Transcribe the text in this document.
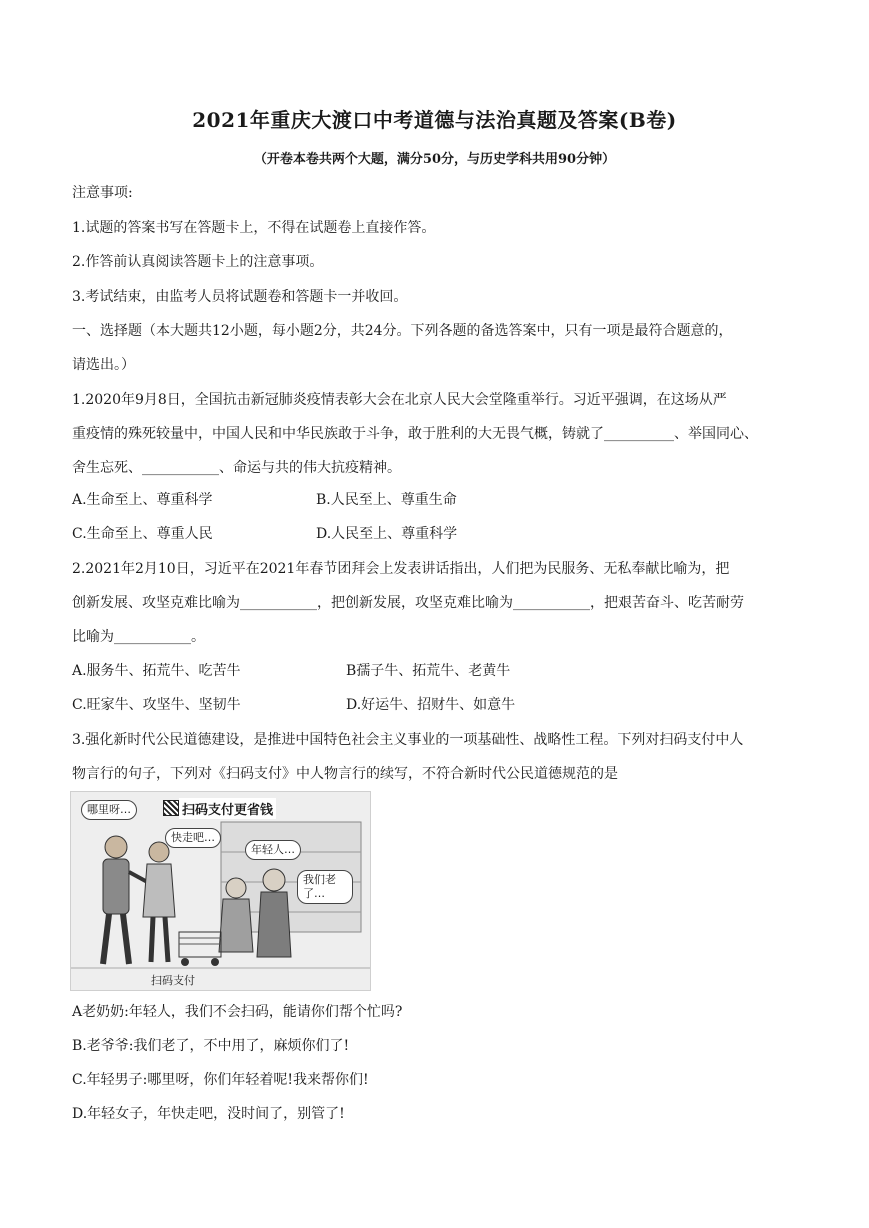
2021年重庆大渡口中考道德与法治真题及答案(B卷)
（开卷本卷共两个大题，满分50分，与历史学科共用90分钟）
注意事项:
1.试题的答案书写在答题卡上，不得在试题卷上直接作答。
2.作答前认真阅读答题卡上的注意事项。
3.考试结束，由监考人员将试题卷和答题卡一并收回。
一、选择题（本大题共12小题，每小题2分，共24分。下列各题的备选答案中，只有一项是最符合题意的，
请选出。）
1.2020年9月8日，全国抗击新冠肺炎疫情表彰大会在北京人民大会堂隆重举行。习近平强调，在这场从严
重疫情的殊死较量中，中国人民和中华民族敢于斗争，敢于胜利的大无畏气概，铸就了__________、举国同心、
舍生忘死、___________、命运与共的伟大抗疫精神。
A.生命至上、尊重科学	B.人民至上、尊重生命
C.生命至上、尊重人民	D.人民至上、尊重科学
2.2021年2月10日，习近平在2021年春节团拜会上发表讲话指出，人们把为民服务、无私奉献比喻为，把
创新发展、攻坚克难比喻为___________，把创新发展，攻坚克难比喻为___________，把艰苦奋斗、吃苦耐劳
比喻为___________。
A.服务牛、拓荒牛、吃苦牛	B孺子牛、拓荒牛、老黄牛
C.旺家牛、攻坚牛、坚韧牛	D.好运牛、招财牛、如意牛
3.强化新时代公民道德建设，是推进中国特色社会主义事业的一项基础性、战略性工程。下列对扫码支付中人
物言行的句子，下列对《扫码支付》中人物言行的续写，不符合新时代公民道德规范的是
扫码支付更省钱
哪里呀…
快走吧…
年轻人…
我们老
了…
扫码支付
A老奶奶:年轻人，我们不会扫码，能请你们帮个忙吗?
B.老爷爷:我们老了，不中用了，麻烦你们了!
C.年轻男子:哪里呀，你们年轻着呢!我来帮你们!
D.年轻女子，年快走吧，没时间了，别管了!
